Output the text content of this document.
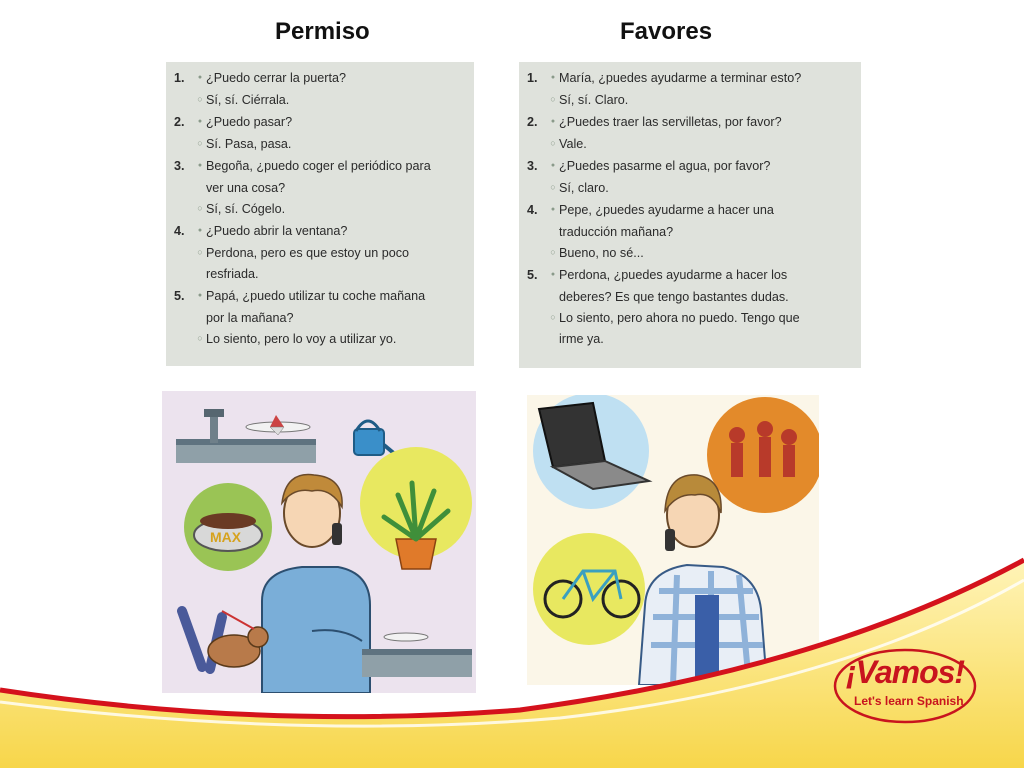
Permiso	Favores
1. ●	¿Puedo cerrar la puerta?
○
Sí, sí. Ciérrala.
2. ●	¿Puedo pasar?
○
Sí. Pasa, pasa.
3. ●	Begoña, ¿puedo coger el periódico para
ver una cosa?
○
Sí, sí. Cógelo.
4. ●	¿Puedo abrir la ventana?
○
Perdona, pero es que estoy un poco
resfriada.
5. ●	Papá, ¿puedo utilizar tu coche mañana
por la mañana?
○
Lo siento, pero lo voy a utilizar yo.
1. ●	María, ¿puedes ayudarme a terminar esto?
○
Sí, sí. Claro.
2. ●	¿Puedes traer las servilletas, por favor?
○
Vale.
3. ●	¿Puedes pasarme el agua, por favor?
○
Sí, claro.
4. ●	Pepe, ¿puedes ayudarme a hacer una
traducción mañana?
○
Bueno, no sé...
5. ●	Perdona, ¿puedes ayudarme a hacer los
deberes? Es que tengo bastantes dudas.
○
Lo siento, pero ahora no puedo. Tengo que
irme ya.
MAX
¡Vamos!
Let's learn Spanish
